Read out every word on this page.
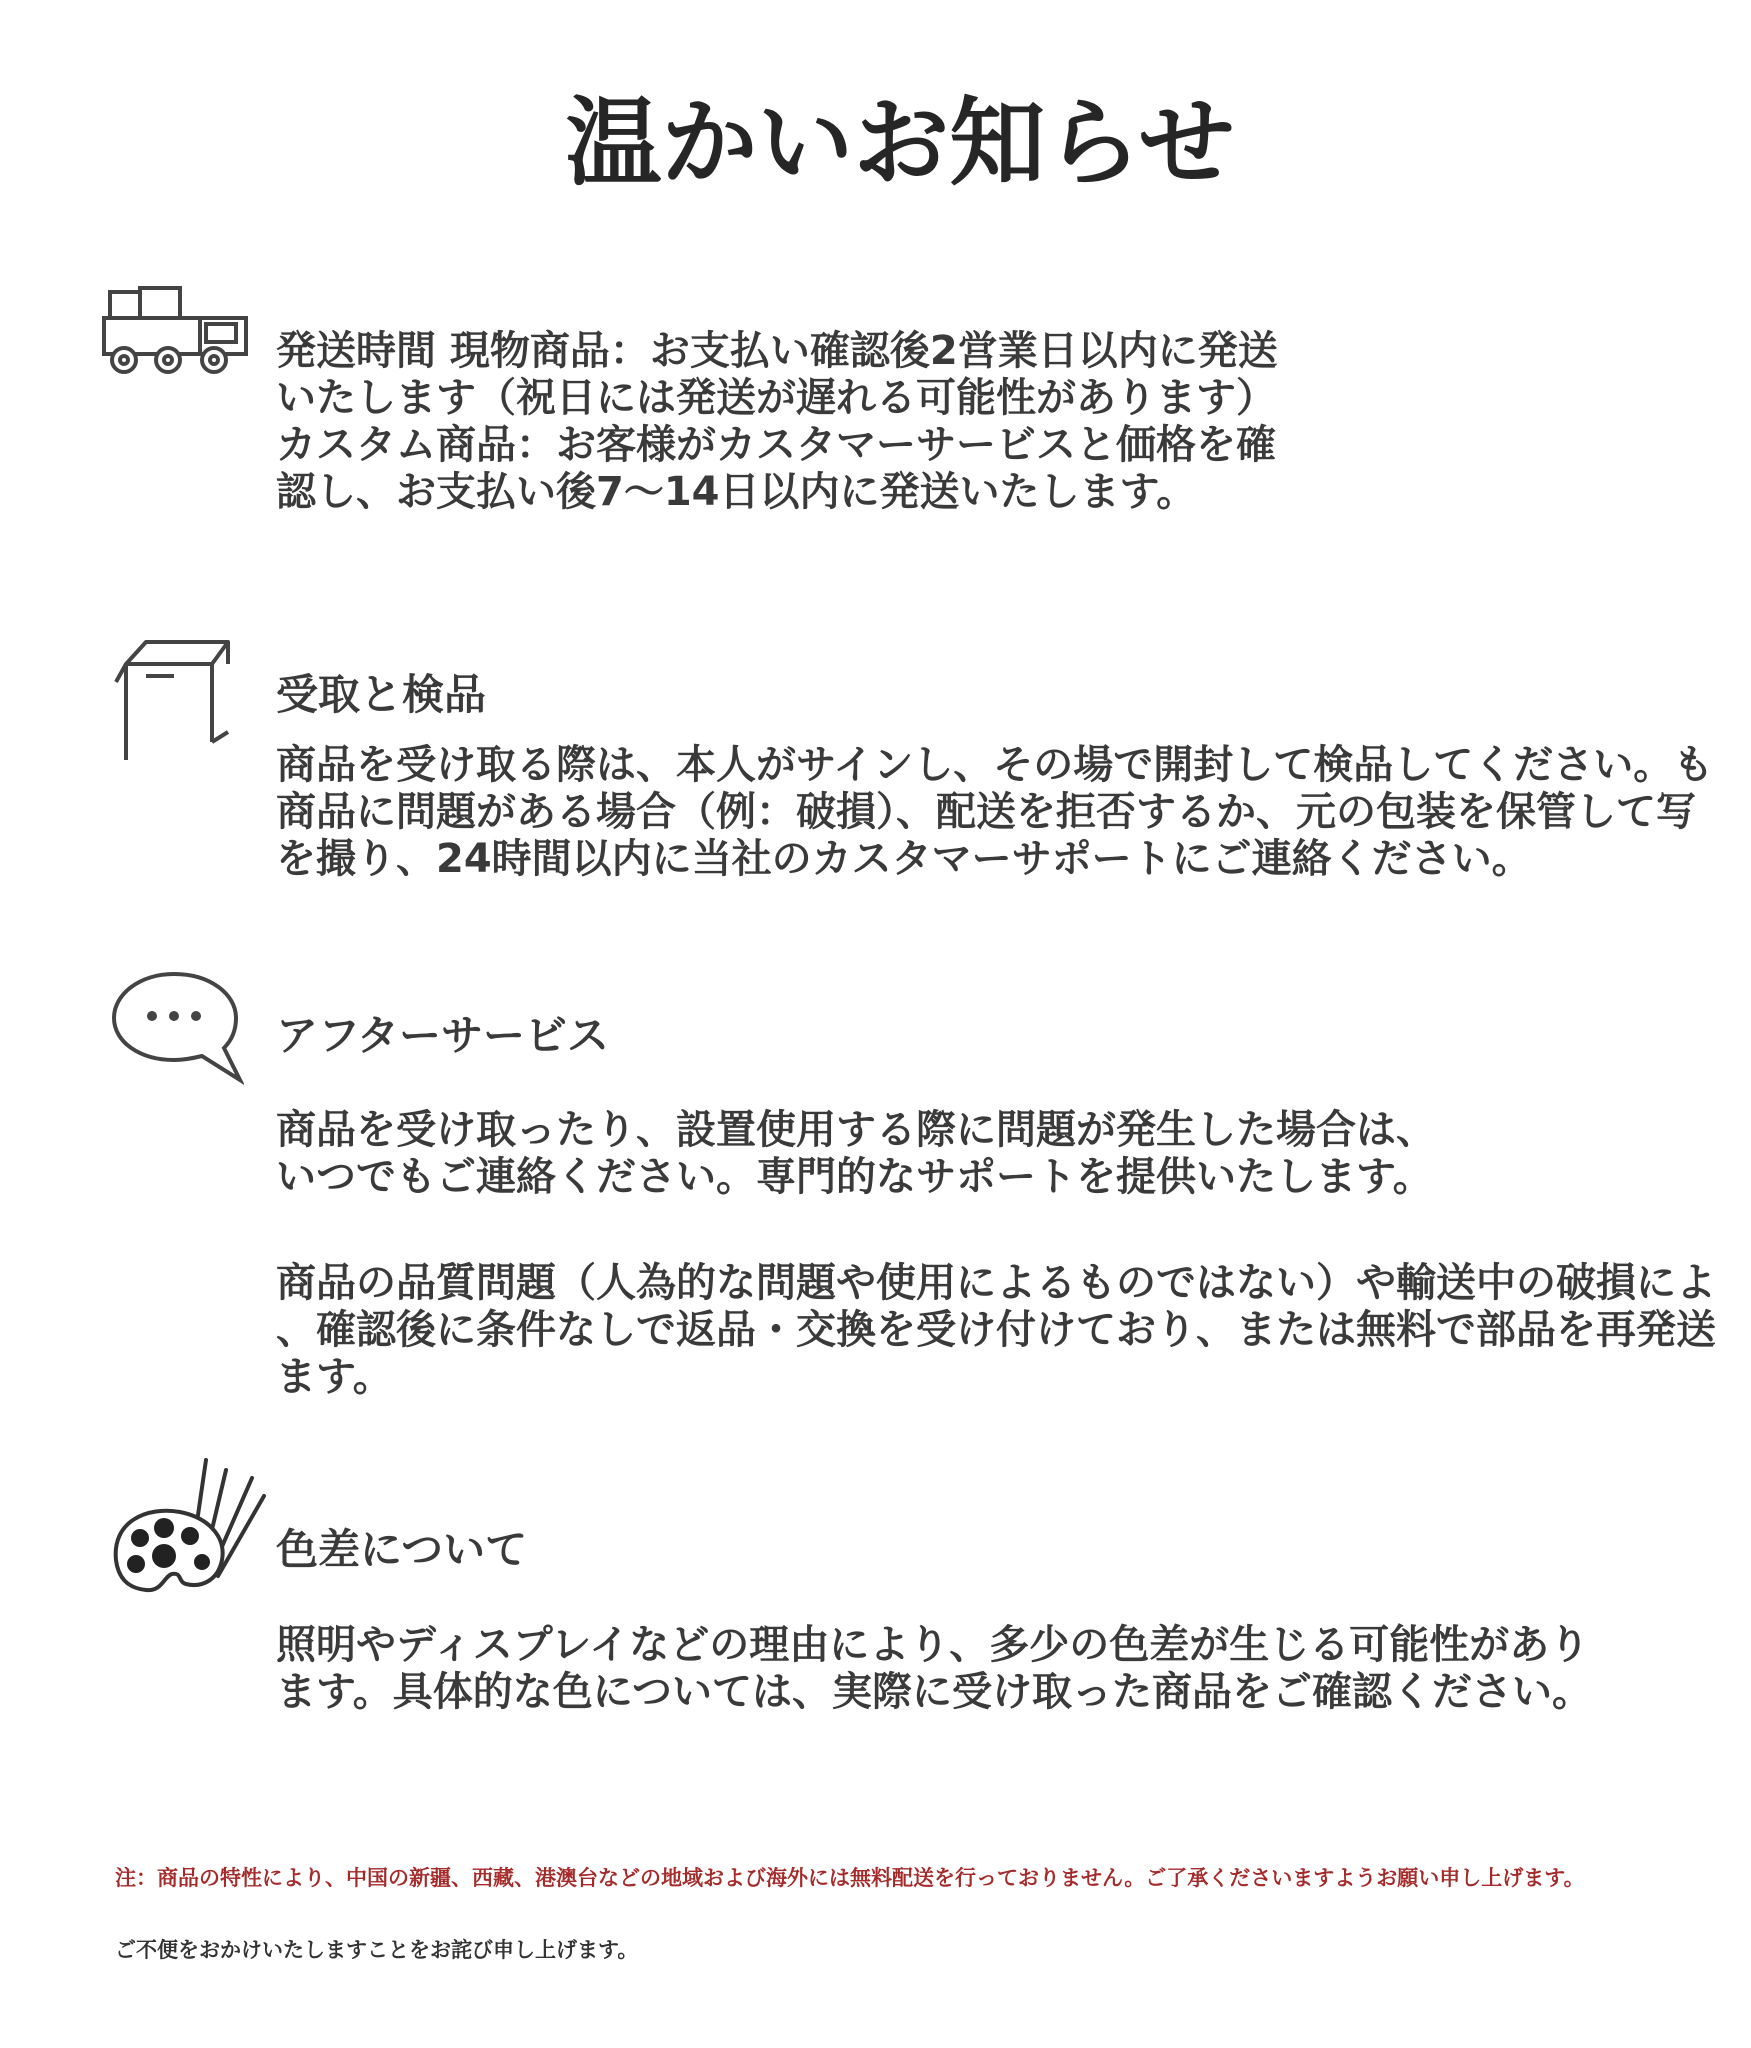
温かいお知らせ
発送時間 現物商品：お支払い確認後2営業日以内に発送
いたします（祝日には発送が遅れる可能性があります）
カスタム商品：お客様がカスタマーサービスと価格を確
認し、お支払い後7〜14日以内に発送いたします。
受取と検品
商品を受け取る際は、本人がサインし、その場で開封して検品してください。も
商品に問題がある場合（例：破損）、配送を拒否するか、元の包装を保管して写
を撮り、24時間以内に当社のカスタマーサポートにご連絡ください。
アフターサービス
商品を受け取ったり、設置使用する際に問題が発生した場合は、
いつでもご連絡ください。専門的なサポートを提供いたします。
商品の品質問題（人為的な問題や使用によるものではない）や輸送中の破損によ
、確認後に条件なしで返品・交換を受け付けており、または無料で部品を再発送
ます。
色差について
照明やディスプレイなどの理由により、多少の色差が生じる可能性があり
ます。具体的な色については、実際に受け取った商品をご確認ください。
注：商品の特性により、中国の新疆、西藏、港澳台などの地域および海外には無料配送を行っておりません。ご了承くださいますようお願い申し上げます。
ご不便をおかけいたしますことをお詫び申し上げます。
